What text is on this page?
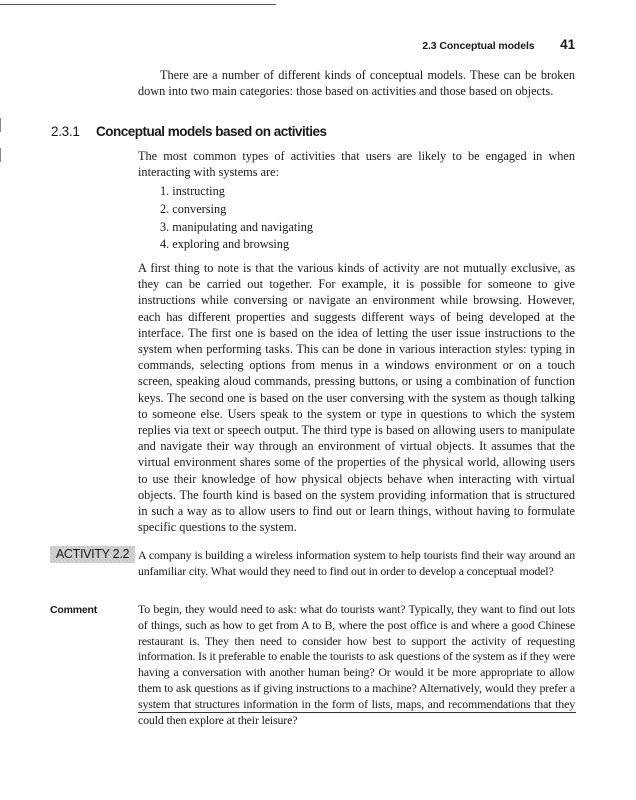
2.3 Conceptual models 41

There are a number of different kinds of conceptual models. These can be broken down into two main categories: those based on activities and those based on objects.

2.3.1 Conceptual models based on activities

The most common types of activities that users are likely to be engaged in when interacting with systems are:

1. instructing
2. conversing
3. manipulating and navigating
4. exploring and browsing

A first thing to note is that the various kinds of activity are not mutually exclusive, as they can be carried out together. For example, it is possible for someone to give instructions while conversing or navigate an environment while browsing. However, each has different properties and suggests different ways of being developed at the interface. The first one is based on the idea of letting the user issue instructions to the system when performing tasks. This can be done in various interaction styles: typing in commands, selecting options from menus in a windows environment or on a touch screen, speaking aloud commands, pressing buttons, or using a combination of function keys. The second one is based on the user conversing with the system as though talking to someone else. Users speak to the system or type in questions to which the system replies via text or speech output. The third type is based on allowing users to manipulate and navigate their way through an environment of virtual objects. It assumes that the virtual environment shares some of the properties of the physical world, allowing users to use their knowledge of how physical objects behave when interacting with virtual objects. The fourth kind is based on the system providing information that is structured in such a way as to allow users to find out or learn things, without having to formulate specific questions to the system.

ACTIVITY 2.2 A company is building a wireless information system to help tourists find their way around an unfamiliar city. What would they need to find out in order to develop a conceptual model?

Comment	To begin, they would need to ask: what do tourists want? Typically, they want to find out lots of things, such as how to get from A to B, where the post office is and where a good Chinese restaurant is. They then need to consider how best to support the activity of requesting information. Is it preferable to enable the tourists to ask questions of the system as if they were having a conversation with another human being? Or would it be more appropriate to allow them to ask questions as if giving instructions to a machine? Alternatively, would they prefer a system that structures information in the form of lists, maps, and recommendations that they could then explore at their leisure?
